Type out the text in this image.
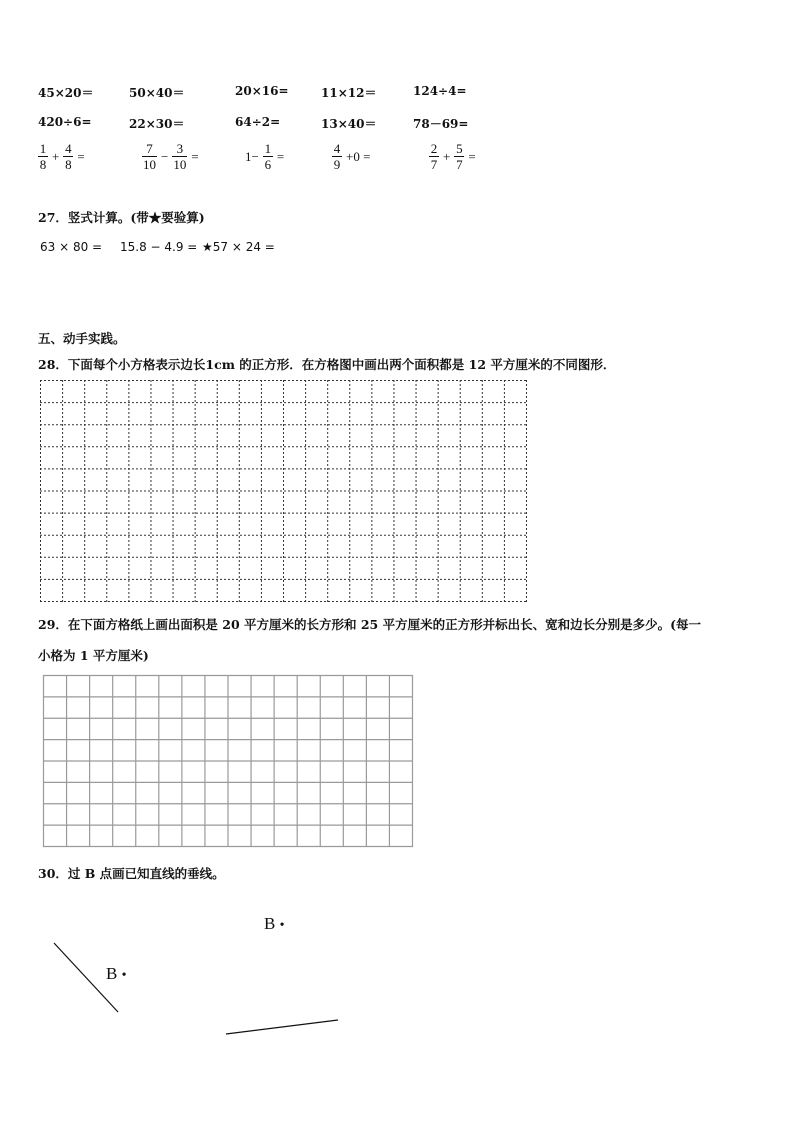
45×20＝	50×40＝	20×16=	11×12＝	124÷4=
420÷6=	22×30＝	64÷2=	13×40＝	78－69=
$\frac{1}{8} + \frac{4}{8}$ =	$\frac{7}{10} - \frac{3}{10}$ =	$1- \frac{1}{6}$ =	$\frac{4}{9} +0$ =	$\frac{2}{7} + \frac{5}{7}$ =
27．竖式计算。(带★要验算)
63 × 80 = 15.8 − 4.9 = ★57 × 24 =
五、动手实践。
28．下面每个小方格表示边长1cm 的正方形．在方格图中画出两个面积都是 12 平方厘米的不同图形．
29．在下面方格纸上画出面积是 20 平方厘米的长方形和 25 平方厘米的正方形并标出长、宽和边长分别是多少。(每一
小格为 1 平方厘米)
30．过 B 点画已知直线的垂线。
B •
B •
